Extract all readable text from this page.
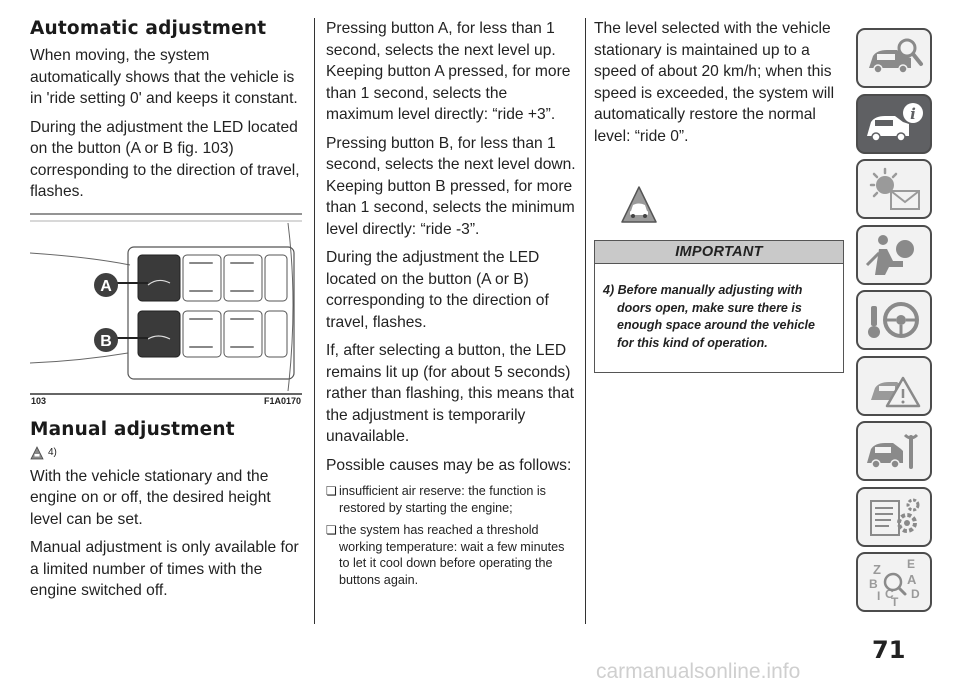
Automatic adjustment

When moving, the system automatically shows that the vehicle is in 'ride setting 0' and keeps it constant.

During the adjustment the LED located on the button (A or B fig. 103) corresponding to the direction of travel, flashes.

A
B
103	F1A0170
Manual adjustment
4)

With the vehicle stationary and the engine on or off, the desired height level can be set.

Manual adjustment is only available for a limited number of times with the engine switched off.

Pressing button A, for less than 1 second, selects the next level up. Keeping button A pressed, for more than 1 second, selects the maximum level directly: “ride +3”.

Pressing button B, for less than 1 second, selects the next level down. Keeping button B pressed, for more than 1 second, selects the minimum level directly: “ride -3”.

During the adjustment the LED located on the button (A or B) corresponding to the direction of travel, flashes.

If, after selecting a button, the LED remains lit up (for about 5 seconds) rather than flashing, this means that the adjustment is temporarily unavailable.

Possible causes may be as follows:

❏ insufficient air reserve: the function is restored by starting the engine;
❏ the system has reached a threshold working temperature: wait a few minutes to let it cool down before operating the buttons again.

The level selected with the vehicle stationary is maintained up to a speed of about 20 km/h; when this speed is exceeded, the system will automatically restore the normal level: “ride 0”.

IMPORTANT

4) Before manually adjusting with doors open, make sure there is enough space around the vehicle for this kind of operation.

i
Z E
A
B
I C
T
D
71
carmanualsonline.info
